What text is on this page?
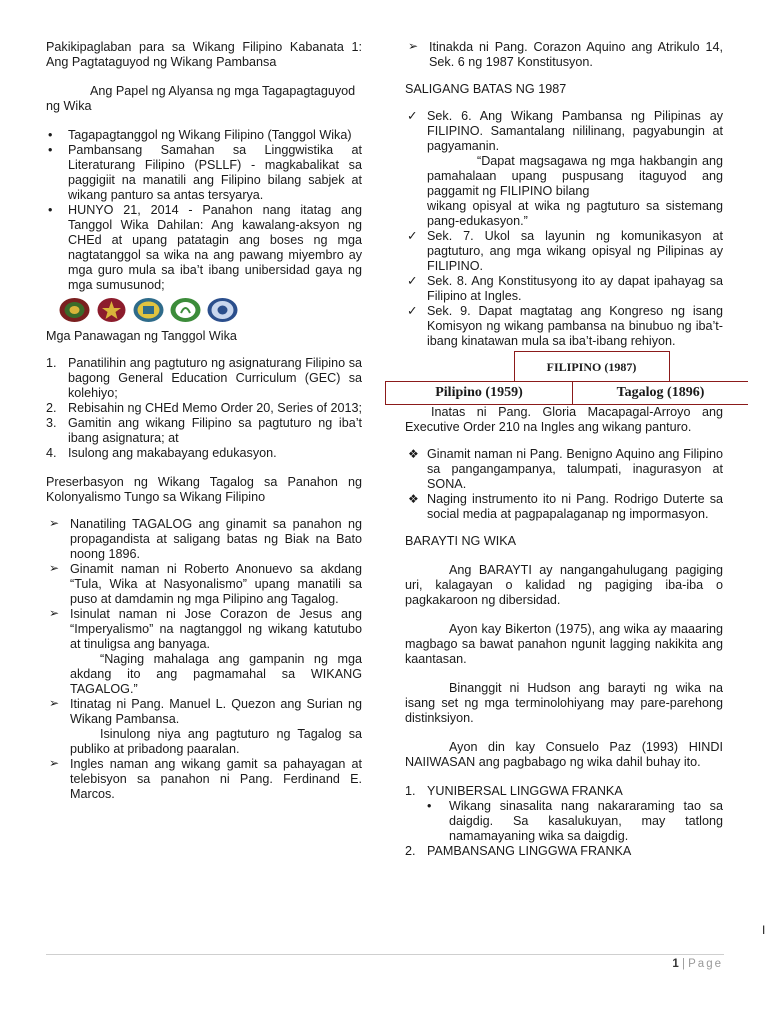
Pakikipaglaban para sa Wikang Filipino Kabanata 1: Ang Pagtataguyod ng Wikang Pambansa

Ang Papel ng Alyansa ng mga Tagapagtaguyod ng Wika

• Tagapagtanggol ng Wikang Filipino (Tanggol Wika)
• Pambansang Samahan sa Linggwistika at Literaturang Filipino (PSLLF) - magkabalikat sa paggigiit na manatili ang Filipino bilang sabjek at wikang panturo sa antas tersyarya.
• HUNYO 21, 2014 - Panahon nang itatag ang Tanggol Wika Dahilan: Ang kawalang-aksyon ng CHEd at upang patatagin ang boses ng mga nagtatanggol sa wika na ang pawang miyembro ay mga guro mula sa iba’t ibang unibersidad gaya ng mga sumusunod;

Mga Panawagan ng Tanggol Wika

1. Panatilihin ang pagtuturo ng asignaturang Filipino sa bagong General Education Curriculum (GEC) sa kolehiyo;
2. Rebisahin ng CHEd Memo Order 20, Series of 2013;
3. Gamitin ang wikang Filipino sa pagtuturo ng iba’t ibang asignatura; at
4. Isulong ang makabayang edukasyon.

Preserbasyon ng Wikang Tagalog sa Panahon ng Kolonyalismo Tungo sa Wikang Filipino

➢ Nanatiling TAGALOG ang ginamit sa panahon ng propagandista at saligang batas ng Biak na Bato noong 1896.
➢ Ginamit naman ni Roberto Anonuevo sa akdang “Tula, Wika at Nasyonalismo” upang manatili sa puso at damdamin ng mga Pilipino ang Tagalog.
➢ Isinulat naman ni Jose Corazon de Jesus ang “Imperyalismo” na nagtanggol ng wikang katutubo at tinuligsa ang banyaga.

“Naging mahalaga ang gampanin ng mga akdang ito ang pagmamahal sa WIKANG TAGALOG.”

➢ Itinatag ni Pang. Manuel L. Quezon ang Surian ng Wikang Pambansa.

Isinulong niya ang pagtuturo ng Tagalog sa publiko at pribadong paaralan.

➢ Ingles naman ang wikang gamit sa pahayagan at telebisyon sa panahon ni Pang. Ferdinand E. Marcos.
➢ Itinakda ni Pang. Corazon Aquino ang Atrikulo 14, Sek. 6 ng 1987 Konstitusyon.

SALIGANG BATAS NG 1987

✓ Sek. 6. Ang Wikang Pambansa ng Pilipinas ay FILIPINO. Samantalang nililinang, pagyabungin at pagyamanin.

“Dapat magsagawa ng mga hakbangin ang pamahalaan upang puspusang itaguyod ang paggamit ng FILIPINO bilang

wikang opisyal at wika ng pagtuturo sa sistemang pang-edukasyon.”

✓ Sek. 7. Ukol sa layunin ng komunikasyon at pagtuturo, ang mga wikang opisyal ng Pilipinas ay FILIPINO.
✓ Sek. 8. Ang Konstitusyong ito ay dapat ipahayag sa Filipino at Ingles.
✓ Sek. 9. Dapat magtatag ang Kongreso ng isang Komisyon ng wikang pambansa na binubuo ng iba’t-ibang kinatawan mula sa iba’t-ibang rehiyon.
FILIPINO (1987)
Pilipino (1959)	Tagalog (1896)

Inatas ni Pang. Gloria Macapagal-Arroyo ang Executive Order 210 na Ingles ang wikang panturo.

❖ Ginamit naman ni Pang. Benigno Aquino ang Filipino sa pangangampanya, talumpati, inagurasyon at SONA.
❖ Naging instrumento ito ni Pang. Rodrigo Duterte sa social media at pagpapalaganap ng impormasyon.

BARAYTI NG WIKA

Ang BARAYTI ay nangangahulugang pagiging uri, kalagayan o kalidad ng pagiging iba-iba o pagkakaroon ng dibersidad.

Ayon kay Bikerton (1975), ang wika ay maaaring magbago sa bawat panahon ngunit lagging nakikita ang kaantasan.

Binanggit ni Hudson ang barayti ng wika na isang set ng mga terminolohiyang may pare-parehong distinksiyon.

Ayon din kay Consuelo Paz (1993) HINDI NAIIWASAN ang pagbabago ng wika dahil buhay ito.

1. YUNIBERSAL LINGGWA FRANKA
• Wikang sinasalita nang nakararaming tao sa daigdig. Sa kasalukuyan, may tatlong namamayaning wika sa daigdig.
2. PAMBANSANG LINGGWA FRANKA
I
1 | Page
